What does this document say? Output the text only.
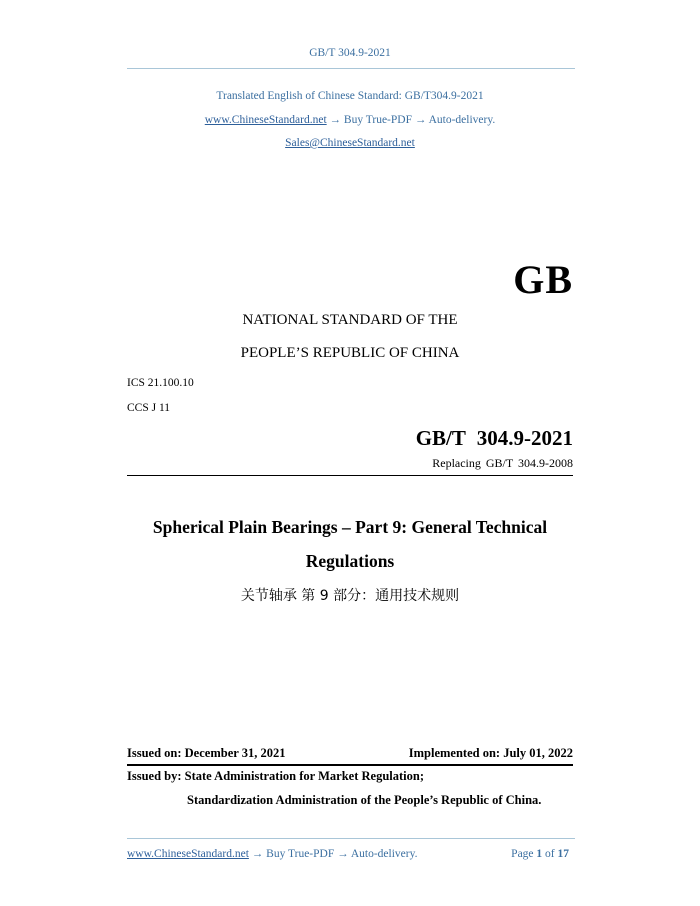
GB/T 304.9-2021
Translated English of Chinese Standard: GB/T304.9-2021
www.ChineseStandard.net → Buy True-PDF → Auto-delivery.
Sales@ChineseStandard.net
GB
NATIONAL STANDARD OF THE
PEOPLE’S REPUBLIC OF CHINA
ICS 21.100.10
CCS J 11
GB/T 304.9-2021
Replacing GB/T 304.9-2008
Spherical Plain Bearings – Part 9: General Technical
Regulations
关节轴承 第 9 部分：通用技术规则
Issued on: December 31, 2021	Implemented on: July 01, 2022
Issued by: State Administration for Market Regulation;
Standardization Administration of the People’s Republic of China.
www.ChineseStandard.net → Buy True-PDF → Auto-delivery.	Page 1 of 17
